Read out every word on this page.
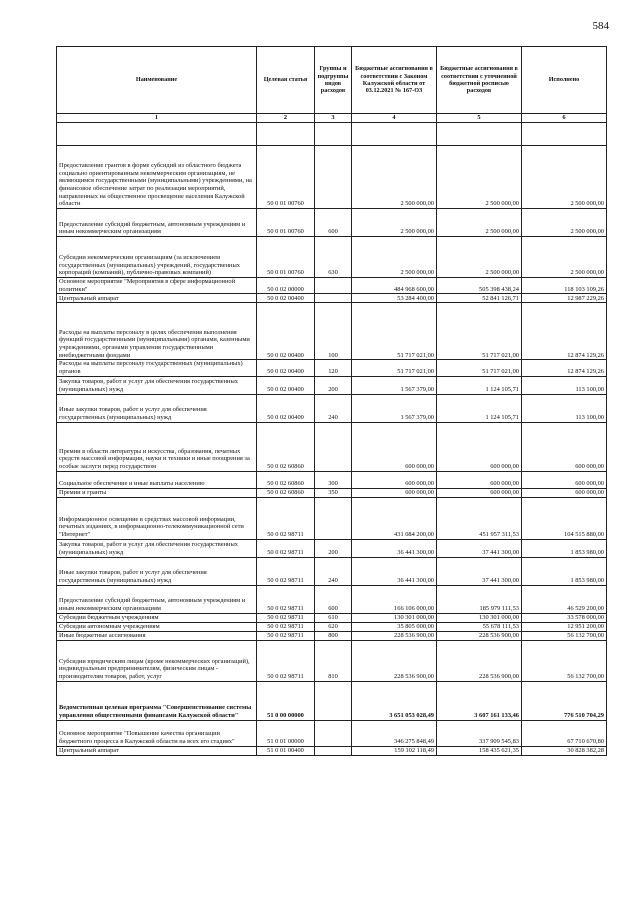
584
Наименование	Целевая статья	Группы и подгруппы видов расходов	Бюджетные ассигнования в соответствии с Законом Калужской области от 03.12.2021 № 167-ОЗ	Бюджетные ассигнования в соответствии с уточненной бюджетной росписью расходов	Исполнено
1	2	3	4	5	6

Предоставление грантов в форме субсидий из областного бюджета социально ориентированным некоммерческим организациям, не являющимся государственными (муниципальными) учреждениями, на финансовое обеспечение затрат по реализации мероприятий, направленных на общественное просвещение населения Калужской области	50 0 01 00760		2 500 000,00	2 500 000,00	2 500 000,00
Предоставление субсидий бюджетным, автономным учреждениям и иным некоммерческим организациям	50 0 01 00760	600	2 500 000,00	2 500 000,00	2 500 000,00
Субсидии некоммерческим организациям (за исключением государственных (муниципальных) учреждений, государственных корпораций (компаний), публично-правовых компаний)	50 0 01 00760	630	2 500 000,00	2 500 000,00	2 500 000,00
Основное мероприятие "Мероприятия в сфере информационной политики"	50 0 02 00000		484 968 600,00	505 398 438,24	118 103 109,26
Центральный аппарат	50 0 02 00400		53 284 400,00	52 841 126,71	12 987 229,26
Расходы на выплаты персоналу в целях обеспечения выполнения функций государственными (муниципальными) органами, казенными учреждениями, органами управления государственными внебюджетными фондами	50 0 02 00400	100	51 717 021,00	51 717 021,00	12 874 129,26
Расходы на выплаты персоналу государственных (муниципальных) органов	50 0 02 00400	120	51 717 021,00	51 717 021,00	12 874 129,26
Закупка товаров, работ и услуг для обеспечения государственных (муниципальных) нужд	50 0 02 00400	200	1 567 379,00	1 124 105,71	113 100,00
Иные закупки товаров, работ и услуг для обеспечения государственных (муниципальных) нужд	50 0 02 00400	240	1 567 379,00	1 124 105,71	113 100,00
Премии в области литературы и искусства, образования, печатных средств массовой информации, науки и техники и иные поощрения за особые заслуги перед государством	50 0 02 60860		600 000,00	600 000,00	600 000,00
Социальное обеспечение и иные выплаты населению	50 0 02 60860	300	600 000,00	600 000,00	600 000,00
Премии и гранты	50 0 02 60860	350	600 000,00	600 000,00	600 000,00
Информационное освещение в средствах массовой информации, печатных изданиях, в информационно-телекоммуникационной сети "Интернет"	50 0 02 98711		431 084 200,00	451 957 311,53	104 515 880,00
Закупка товаров, работ и услуг для обеспечения государственных (муниципальных) нужд	50 0 02 98711	200	36 441 300,00	37 441 300,00	1 853 980,00
Иные закупки товаров, работ и услуг для обеспечения государственных (муниципальных) нужд	50 0 02 98711	240	36 441 300,00	37 441 300,00	1 853 980,00
Предоставление субсидий бюджетным, автономным учреждениям и иным некоммерческим организациям	50 0 02 98711	600	166 106 000,00	185 979 111,53	46 529 200,00
Субсидии бюджетным учреждениям	50 0 02 98711	610	130 301 000,00	130 301 000,00	33 578 000,00
Субсидии автономным учреждениям	50 0 02 98711	620	35 805 000,00	55 678 111,53	12 951 200,00
Иные бюджетные ассигнования	50 0 02 98711	800	228 536 900,00	228 536 900,00	56 132 700,00
Субсидии юридическим лицам (кроме некоммерческих организаций), индивидуальным предпринимателям, физическим лицам - производителям товаров, работ, услуг	50 0 02 98711	810	228 536 900,00	228 536 900,00	56 132 700,00
Ведомственная целевая программа "Совершенствование системы управления общественными финансами Калужской области"	51 0 00 00000		3 651 053 028,49	3 607 161 133,46	776 510 704,29
Основное мероприятие "Повышение качества организации бюджетного процесса в Калужской области на всех его стадиях"	51 0 01 00000		346 275 848,49	337 909 545,83	67 710 670,80
Центральный аппарат	51 0 01 00400		159 102 118,49	158 435 621,35	30 828 382,28
